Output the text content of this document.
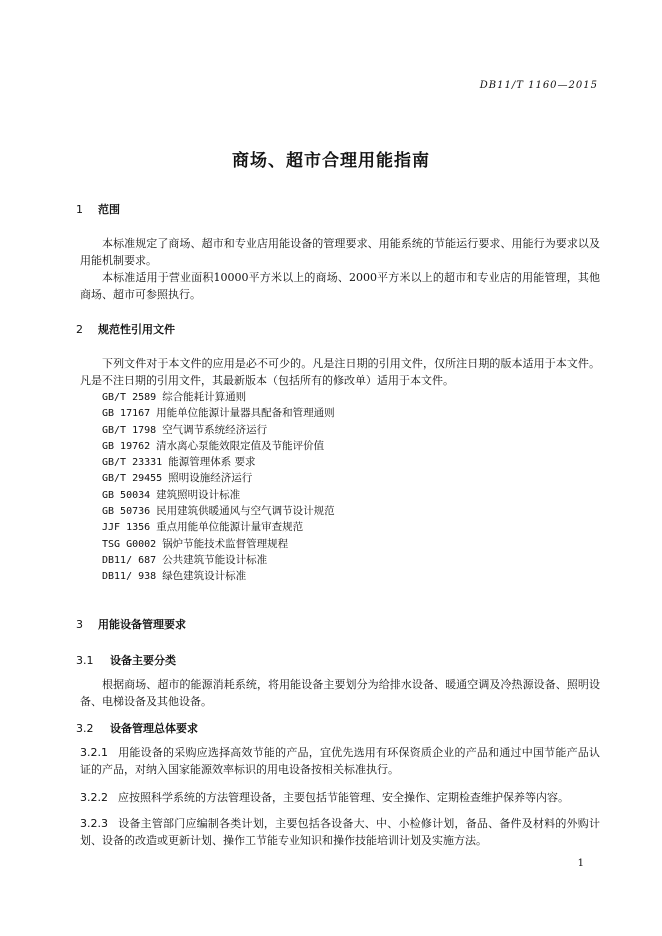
DB11/T 1160—2015
商场、超市合理用能指南
1 范围
本标准规定了商场、超市和专业店用能设备的管理要求、用能系统的节能运行要求、用能行为要求以及用能机制要求。
本标准适用于营业面积10000平方米以上的商场、2000平方米以上的超市和专业店的用能管理，其他商场、超市可参照执行。
2 规范性引用文件
下列文件对于本文件的应用是必不可少的。凡是注日期的引用文件，仅所注日期的版本适用于本文件。凡是不注日期的引用文件，其最新版本（包括所有的修改单）适用于本文件。
GB/T 2589 综合能耗计算通则
GB 17167 用能单位能源计量器具配备和管理通则
GB/T 1798 空气调节系统经济运行
GB 19762 清水离心泵能效限定值及节能评价值
GB/T 23331 能源管理体系 要求
GB/T 29455 照明设施经济运行
GB 50034 建筑照明设计标准
GB 50736 民用建筑供暖通风与空气调节设计规范
JJF 1356 重点用能单位能源计量审查规范
TSG G0002 锅炉节能技术监督管理规程
DB11/ 687 公共建筑节能设计标准
DB11/ 938 绿色建筑设计标准
3 用能设备管理要求
3.1 设备主要分类
根据商场、超市的能源消耗系统，将用能设备主要划分为给排水设备、暖通空调及冷热源设备、照明设备、电梯设备及其他设备。
3.2 设备管理总体要求
3.2.1 用能设备的采购应选择高效节能的产品，宜优先选用有环保资质企业的产品和通过中国节能产品认证的产品，对纳入国家能源效率标识的用电设备按相关标准执行。
3.2.2 应按照科学系统的方法管理设备，主要包括节能管理、安全操作、定期检查维护保养等内容。
3.2.3 设备主管部门应编制各类计划，主要包括各设备大、中、小检修计划，备品、备件及材料的外购计划、设备的改造或更新计划、操作工节能专业知识和操作技能培训计划及实施方法。
1
